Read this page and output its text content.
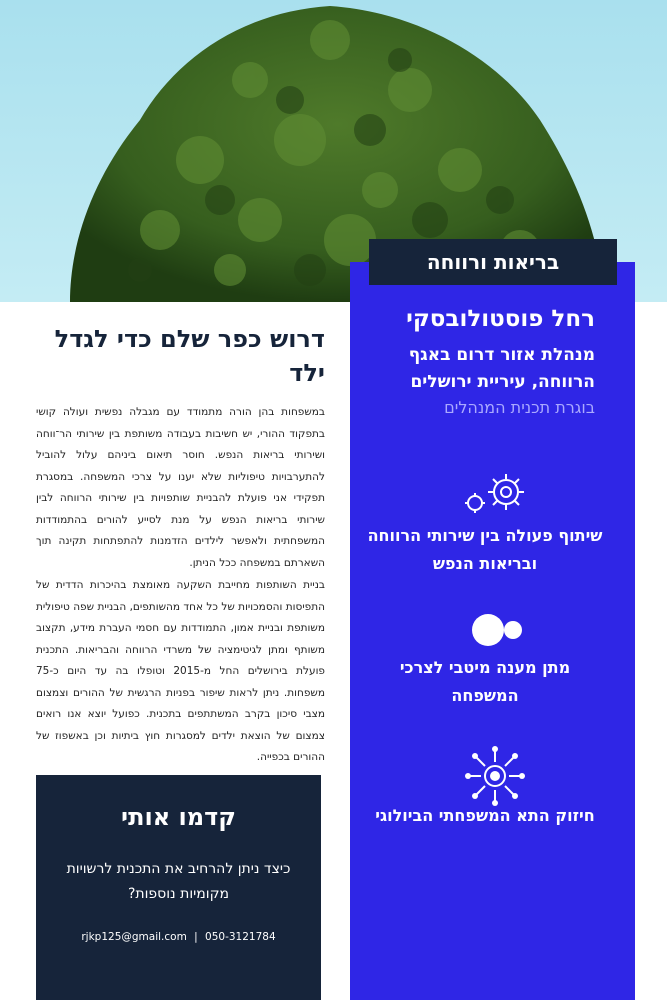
בריאות ורווחה
רחל פוסטולובסקי
מנהלת אזור דרום באגף הרווחה, עיריית ירושלים
בוגרת תכנית המנהלים
שיתוף פעולה בין שירותי הרווחה ובריאות הנפש
מתן מענה מיטבי לצרכי המשפחה
חיזוק התא המשפחתי הביולוגי
דרוש כפר שלם כדי לגדל ילד
במשפחות בהן הורה מתמודד עם מגבלה נפשית ועולה קושי בתפקוד ההורי, יש חשיבות בעבודה משותפת בין שירותי הר־ווחה ושירותי בריאות הנפש. חוסר תיאום ביניהם עלול להוביל להתערבויות טיפוליות שלא יענו על צרכי המשפחה. במסגרת תפקידי אני פועלת להבניית שותפויות בין שירותי הרווחה לבין שירותי בריאות הנפש על מנת לסייע להורים בהתמודדות המשפחתית ולאפשר לילדים הזדמנות להתפתחות תקינה תוך השארתם במשפחה ככל הניתן.
בניית השותפות מחייבת השקעה מאומצת בהיכרות הדדית של התפיסות והסמכויות של כל אחד מהשותפים, הבניית שפה טיפולית משותפת ובניית אמון, התמודדות עם חסמי העברת מידע, תקצוב משותף ומתן לגיטימציה של משרדי הרווחה והבריאות. התכנית פועלת בירושלים החל מ-2015 וטופלו בה עד היום כ-75 משפחות. ניתן לראות שיפור בפניות הרגשית של ההורים וצמצום מצבי סיכון בקרב המשתתפים בתכנית. כפועל יוצא אנו רואים צמצום של הוצאת ילדים למסגרות חוץ ביתיות וכן באשפוז של ההורים בכפייה.
קדמו אותי
כיצד ניתן להרחיב את התכנית לרשויות מקומיות נוספות?
rjkp125@gmail.com | 050-3121784
